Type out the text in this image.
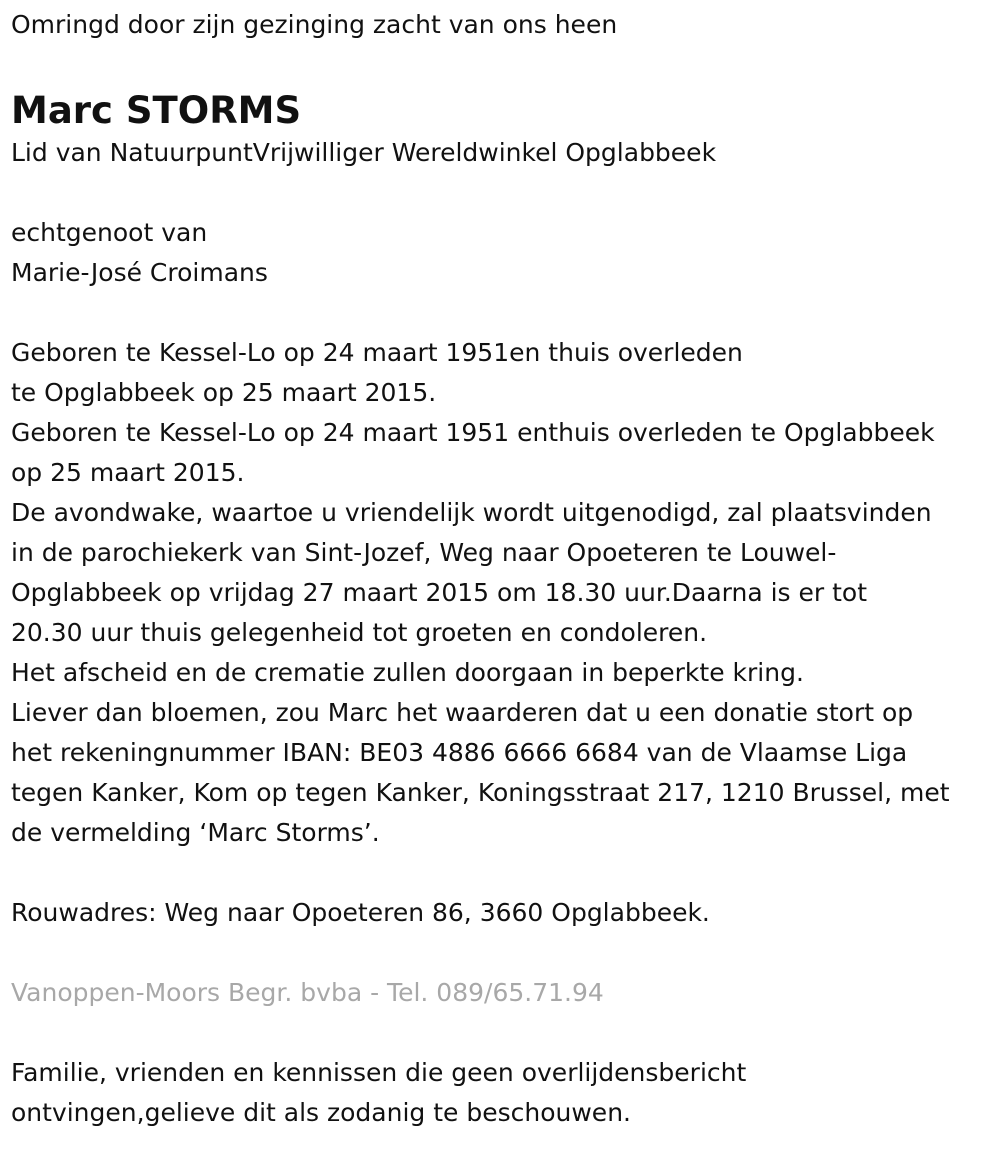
Omringd door zijn gezinging zacht van ons heen
Marc STORMS
Lid van NatuurpuntVrijwilliger Wereldwinkel Opglabbeek
echtgenoot van
Marie-José Croimans
Geboren te Kessel-Lo op 24 maart 1951en thuis overleden
te Opglabbeek op 25 maart 2015.
Geboren te Kessel-Lo op 24 maart 1951 enthuis overleden te Opglabbeek
op 25 maart 2015.
De avondwake, waartoe u vriendelijk wordt uitgenodigd, zal plaatsvinden
in de parochiekerk van Sint-Jozef, Weg naar Opoeteren te Louwel-
Opglabbeek op vrijdag 27 maart 2015 om 18.30 uur.Daarna is er tot
20.30 uur thuis gelegenheid tot groeten en condoleren.
Het afscheid en de crematie zullen doorgaan in beperkte kring.
Liever dan bloemen, zou Marc het waarderen dat u een donatie stort op
het rekeningnummer IBAN: BE03 4886 6666 6684 van de Vlaamse Liga
tegen Kanker, Kom op tegen Kanker, Koningsstraat 217, 1210 Brussel, met
de vermelding ‘Marc Storms’.
Rouwadres: Weg naar Opoeteren 86, 3660 Opglabbeek.
Vanoppen-Moors Begr. bvba - Tel. 089/65.71.94
Familie, vrienden en kennissen die geen overlijdensbericht
ontvingen,gelieve dit als zodanig te beschouwen.
